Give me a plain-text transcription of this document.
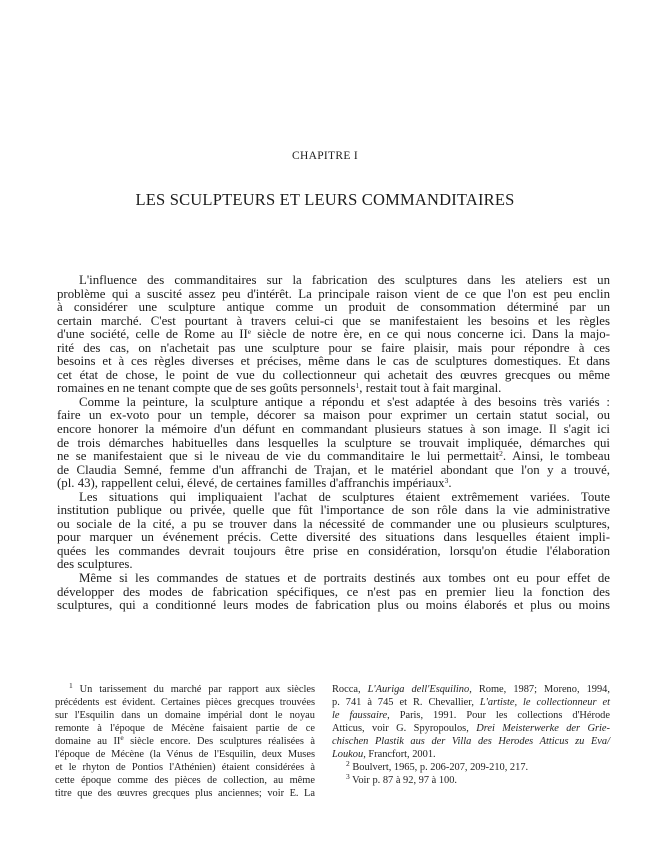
CHAPITRE I
LES SCULPTEURS ET LEURS COMMANDITAIRES
L'influence des commanditaires sur la fabrication des sculptures dans les ateliers est un
problème qui a suscité assez peu d'intérêt. La principale raison vient de ce que l'on est peu enclin
à considérer une sculpture antique comme un produit de consommation déterminé par un
certain marché. C'est pourtant à travers celui-ci que se manifestaient les besoins et les règles
d'une société, celle de Rome au IIe siècle de notre ère, en ce qui nous concerne ici. Dans la majo-
rité des cas, on n'achetait pas une sculpture pour se faire plaisir, mais pour répondre à ces
besoins et à ces règles diverses et précises, même dans le cas de sculptures domestiques. Et dans
cet état de chose, le point de vue du collectionneur qui achetait des œuvres grecques ou même
romaines en ne tenant compte que de ses goûts personnels$^1$, restait tout à fait marginal.
Comme la peinture, la sculpture antique a répondu et s'est adaptée à des besoins très variés :
faire un ex-voto pour un temple, décorer sa maison pour exprimer un certain statut social, ou
encore honorer la mémoire d'un défunt en commandant plusieurs statues à son image. Il s'agit ici
de trois démarches habituelles dans lesquelles la sculpture se trouvait impliquée, démarches qui
ne se manifestaient que si le niveau de vie du commanditaire le lui permettait$^2$. Ainsi, le tombeau
de Claudia Semné, femme d'un affranchi de Trajan, et le matériel abondant que l'on y a trouvé,
(pl. 43), rappellent celui, élevé, de certaines familles d'affranchis impériaux$^3$.
Les situations qui impliquaient l'achat de sculptures étaient extrêmement variées. Toute
institution publique ou privée, quelle que fût l'importance de son rôle dans la vie administrative
ou sociale de la cité, a pu se trouver dans la nécessité de commander une ou plusieurs sculptures,
pour marquer un événement précis. Cette diversité des situations dans lesquelles étaient impli-
quées les commandes devrait toujours être prise en considération, lorsqu'on étudie l'élaboration
des sculptures.
Même si les commandes de statues et de portraits destinés aux tombes ont eu pour effet de
développer des modes de fabrication spécifiques, ce n'est pas en premier lieu la fonction des
sculptures, qui a conditionné leurs modes de fabrication plus ou moins élaborés et plus ou moins
$^1$ Un tarissement du marché par rapport aux siècles
précédents est évident. Certaines pièces grecques trouvées
sur l'Esquilin dans un domaine impérial dont le noyau
remonte à l'époque de Mécène faisaient partie de ce
domaine au IIe siècle encore. Des sculptures réalisées à
l'époque de Mécène (la Vénus de l'Esquilin, deux Muses
et le rhyton de Pontios l'Athénien) étaient considérées à
cette époque comme des pièces de collection, au même
titre que des œuvres grecques plus anciennes; voir E. La
Rocca, L'Auriga dell'Esquilino, Rome, 1987; Moreno, 1994,
p. 741 à 745 et R. Chevallier, L'artiste, le collectionneur et
le faussaire, Paris, 1991. Pour les collections d'Hérode
Atticus, voir G. Spyropoulos, Drei Meisterwerke der Grie-
chischen Plastik aus der Villa des Herodes Atticus zu Eva/
Loukou, Francfort, 2001.
$^2$ Boulvert, 1965, p. 206-207, 209-210, 217.
$^3$ Voir p. 87 à 92, 97 à 100.
